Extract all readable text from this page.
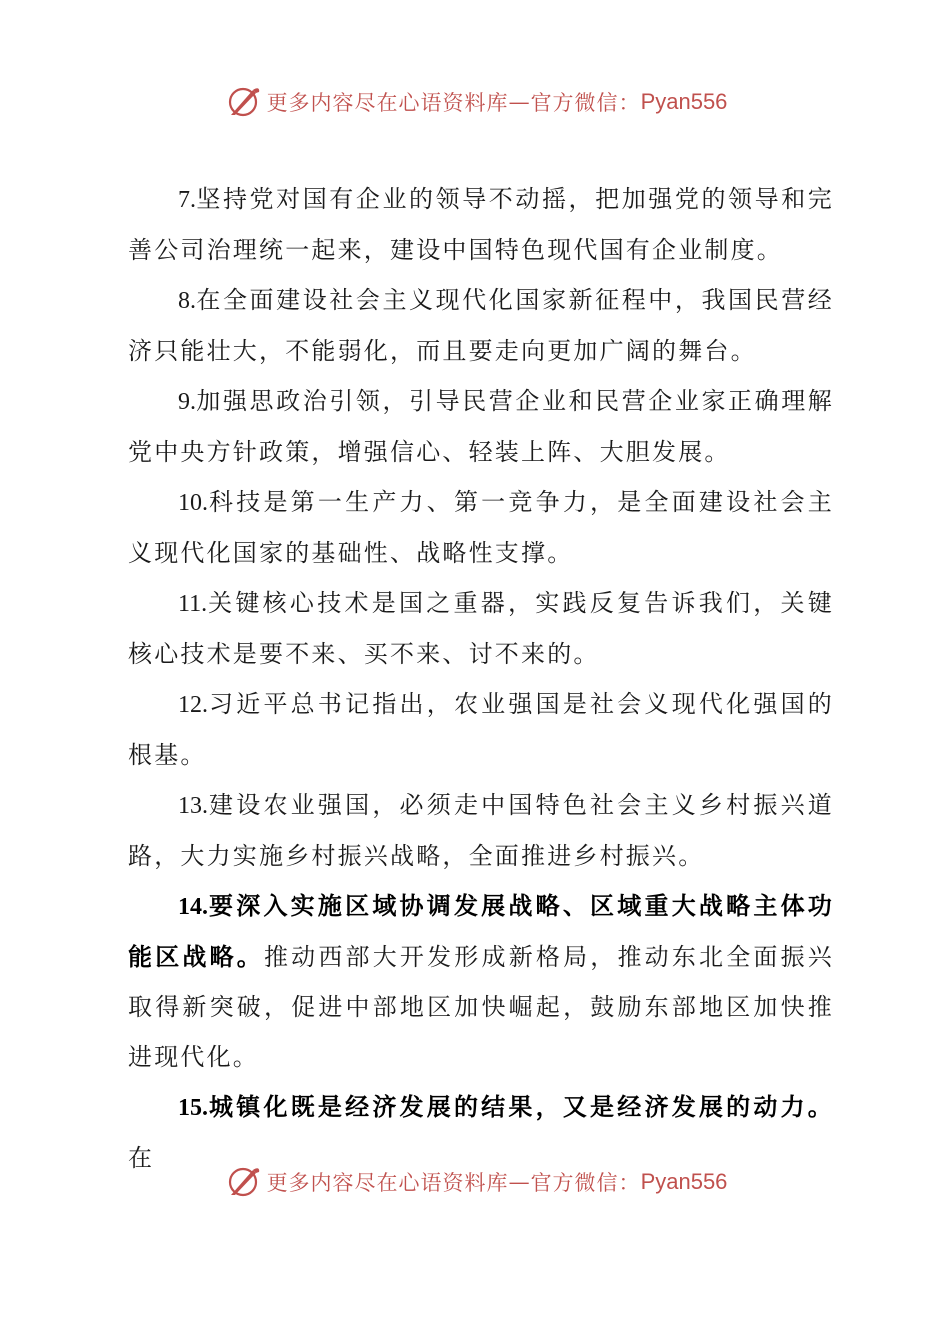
更多内容尽在心语资料库 — 官方微信： Pyan556

7.坚持党对国有企业的领导不动摇，把加强党的领导和完善公司治理统一起来，建设中国特色现代国有企业制度。

8.在全面建设社会主义现代化国家新征程中，我国民营经济只能壮大，不能弱化，而且要走向更加广阔的舞台。

9.加强思政治引领，引导民营企业和民营企业家正确理解党中央方针政策，增强信心、轻装上阵、大胆发展。

10.科技是第一生产力、第一竞争力，是全面建设社会主义现代化国家的基础性、战略性支撑。

11.关键核心技术是国之重器，实践反复告诉我们，关键核心技术是要不来、买不来、讨不来的。

12.习近平总书记指出，农业强国是社会义现代化强国的根基。

13.建设农业强国，必须走中国特色社会主义乡村振兴道路，大力实施乡村振兴战略，全面推进乡村振兴。

14.要深入实施区域协调发展战略、区域重大战略主体功能区战略。推动西部大开发形成新格局，推动东北全面振兴取得新突破，促进中部地区加快崛起，鼓励东部地区加快推进现代化。

15.城镇化既是经济发展的结果，又是经济发展的动力。在

更多内容尽在心语资料库 — 官方微信： Pyan556
